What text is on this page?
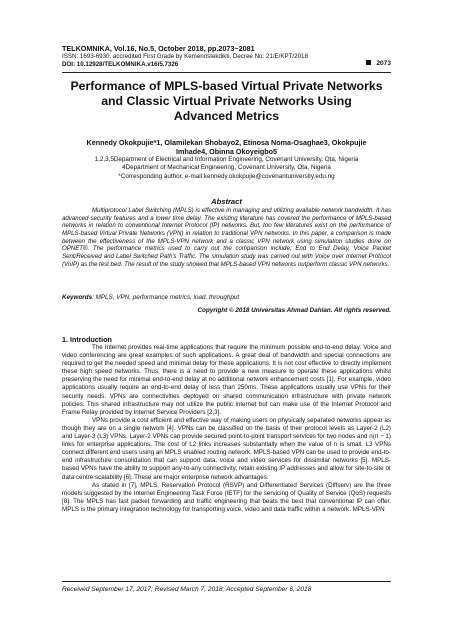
TELKOMNIKA, Vol.16, No.5, October 2018, pp.2073~2081
ISSN: 1693-6930, accredited First Grade by Kemenristekdikti, Decree No: 21/E/KPT/2018
DOI: 10.12928/TELKOMNIKA.v16i5.7326	2073
Performance of MPLS-based Virtual Private Networks
and Classic Virtual Private Networks Using
Advanced Metrics
Kennedy Okokpujie*1, Olamilekan Shobayo2, Etinosa Noma-Osaghae3, Okokpujie
Imhade4, Obinna Okoyeigbo5
1,2,3,5Department of Electrical and Information Engineering, Covenant University, Ota, Nigeria
4Department of Mechanical Engineering, Covenant University, Ota, Nigeria
*Corresponding author, e-mail:kennedy.okokpujie@covenantuniversity.edu.ng
Abstract
Multiprotocol Label Switching (MPLS) is effective in managing and utilizing available network bandwidth. It has advanced security features and a lower time delay. The existing literature has covered the performance of MPLS-based networks in relation to conventional Internet Protocol (IP) networks. But, too few literatures exist on the performance of MPLS-based Virtual Private Networks (VPN) in relation to traditional VPN networks. In this paper, a comparison is made between the effectiveness of the MPLS-VPN network and a classic VPN network using simulation studies done on OPNET®. The performance metrics used to carry out the comparison include; End to End Delay, Voice Packet Sent/Received and Label Switched Path's Traffic. The simulation study was carried out with Voice over Internet Protocol (VoIP) as the test bed. The result of the study showed that MPLS-based VPN networks outperform classic VPN networks.
Keywords: MPLS, VPN, performance metrics, load, throughput
Copyright © 2018 Universitas Ahmad Dahlan. All rights reserved.
1. Introduction

The Internet provides real-time applications that require the minimum possible end-to-end delay. Voice and video conferencing are great examples of such applications. A great deal of bandwidth and special connections are required to get the needed speed and minimal delay for these applications. It is not cost effective to directly implement these high speed networks. Thus, there is a need to provide a new measure to operate these applications whilst preserving the need for minimal end-to-end delay at no additional network enhancement costs [1]. For example, video applications usually require an end-to-end delay of less than 250ms. These applications usually use VPNs for their security needs. VPNs are connectivities deployed on shared communication infrastructure with private network policies. This shared infrastructure may not utilize the public internet but can make use of the Internet Protocol and Frame Relay provided by Internet Service Providers [2,3].

VPNs provide a cost efficient and effective way of making users on physically separated networks appear as though they are on a single network [4]. VPNs can be classified on the basis of their protocol levels as Layer-2 (L2) and Layer-3 (L3) VPNs. Layer-2 VPNs can provide secured point-to-point transport services for two nodes and n(n − 1) links for enterprise applications. The cost of L2 links increases substantially when the value of n is small. L3 VPNs connect different end users using an MPLS enabled routing network. MPLS-based VPN can be used to provide end-to-end infrastructure consolidation that can support data, voice and video services for dissimilar networks [5]. MPLS-based VPNs have the ability to support any-to-any connectivity, retain existing IP addresses and allow for site-to-site or data centre scalability [6]. These are major enterprise network advantages.

As stated in [7], MPLS, Reservation Protocol (RSVP) and Differentiated Services (Diffserv) are the three models suggested by the Internet Engineering Task Force (IETF) for the servicing of Quality of Service (QoS) requests [8]. The MPLS has fast packet forwarding and traffic engineering that beats the best that conventional IP can offer. MPLS is the primary integration technology for transporting voice, video and data traffic within a network. MPLS-VPN

Received September 17, 2017; Revised March 7, 2018; Accepted September 6, 2018
